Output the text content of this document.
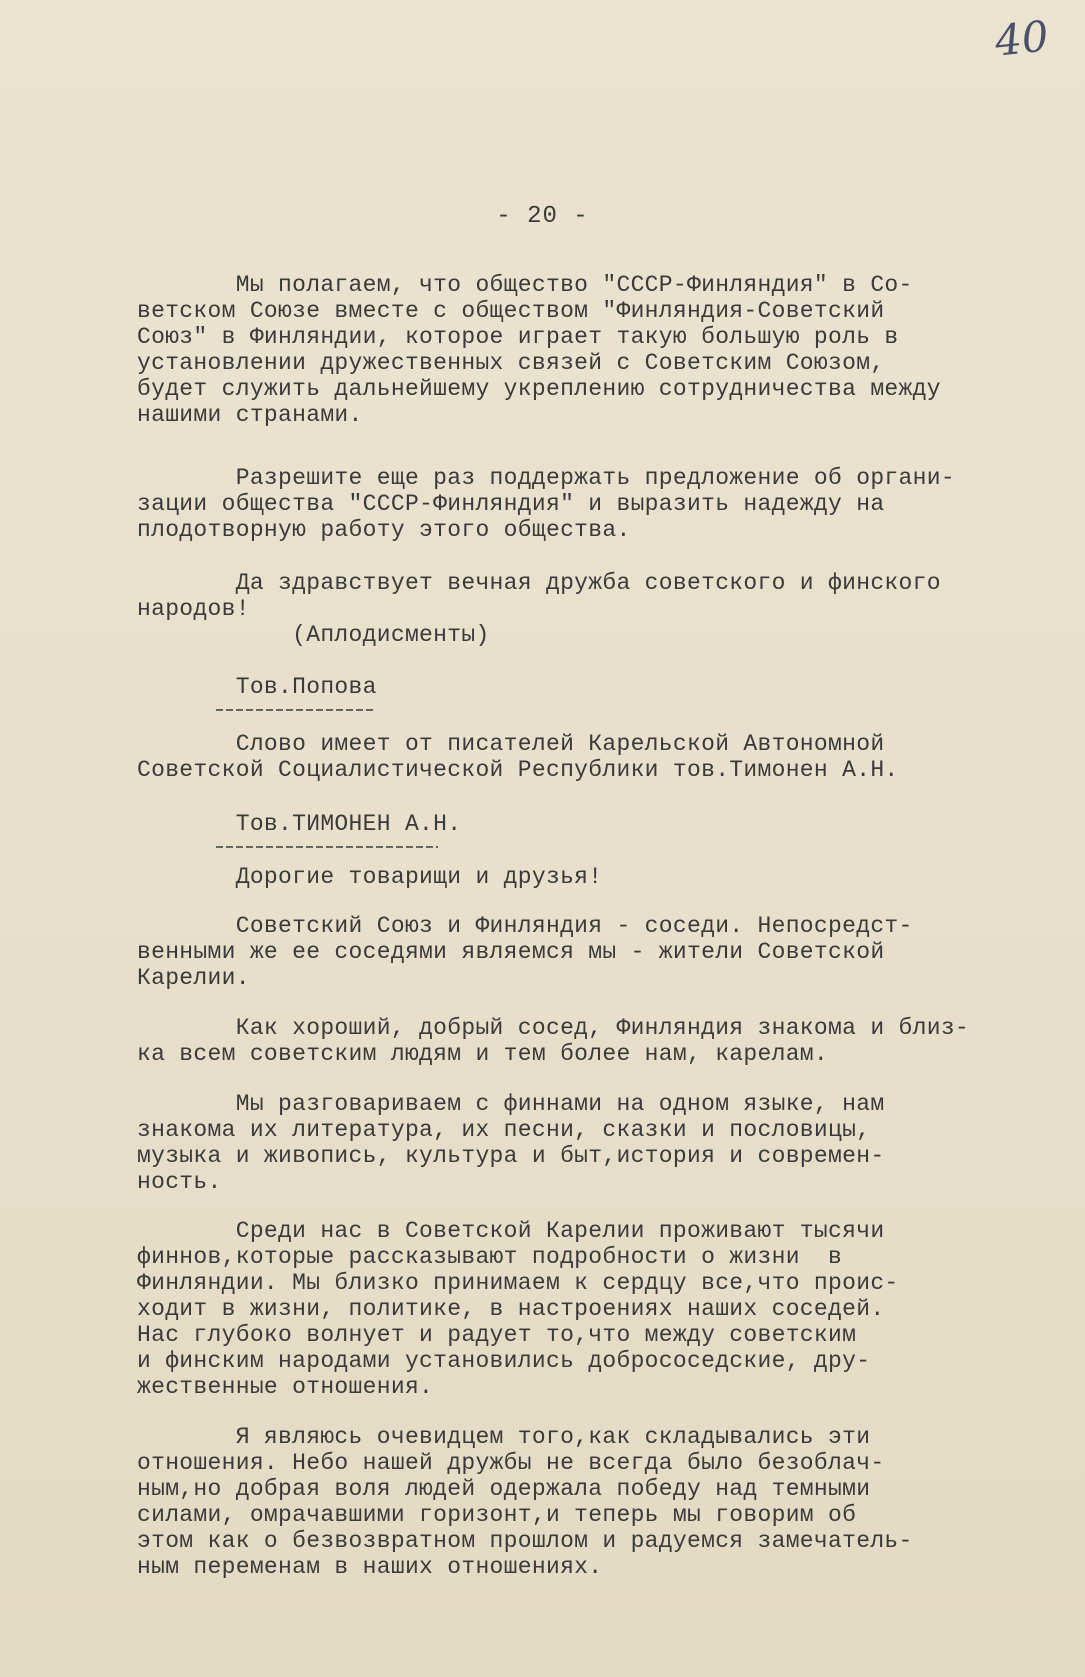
40
- 20 -
Мы полагаем, что общество "СССР-Финляндия" в Со-
ветском Союзе вместе с обществом "Финляндия-Советский
Союз" в Финляндии, которое играет такую большую роль в
установлении дружественных связей с Советским Союзом,
будет служить дальнейшему укреплению сотрудничества между
нашими странами.
Разрешите еще раз поддержать предложение об органи-
зации общества "СССР-Финляндия" и выразить надежду на
плодотворную работу этого общества.
Да здравствует вечная дружба советского и финского
народов!
(Аплодисменты)
Тов.Попова
Слово имеет от писателей Карельской Автономной
Советской Социалистической Республики тов.Тимонен А.Н.
Тов.ТИМОНЕН А.Н.
Дорогие товарищи и друзья!
Советский Союз и Финляндия - соседи. Непосредст-
венными же ее соседями являемся мы - жители Советской
Карелии.
Как хороший, добрый сосед, Финляндия знакома и близ-
ка всем советским людям и тем более нам, карелам.
Мы разговариваем с финнами на одном языке, нам
знакома их литература, их песни, сказки и пословицы,
музыка и живопись, культура и быт,история и современ-
ность.
Среди нас в Советской Карелии проживают тысячи
финнов,которые рассказывают подробности о жизни  в
Финляндии. Мы близко принимаем к сердцу все,что проис-
ходит в жизни, политике, в настроениях наших соседей.
Нас глубоко волнует и радует то,что между советским
и финским народами установились добрососедские, дру-
жественные отношения.
Я являюсь очевидцем того,как складывались эти
отношения. Небо нашей дружбы не всегда было безоблач-
ным,но добрая воля людей одержала победу над темными
силами, омрачавшими горизонт,и теперь мы говорим об
этом как о безвозвратном прошлом и радуемся замечатель-
ным переменам в наших отношениях.
